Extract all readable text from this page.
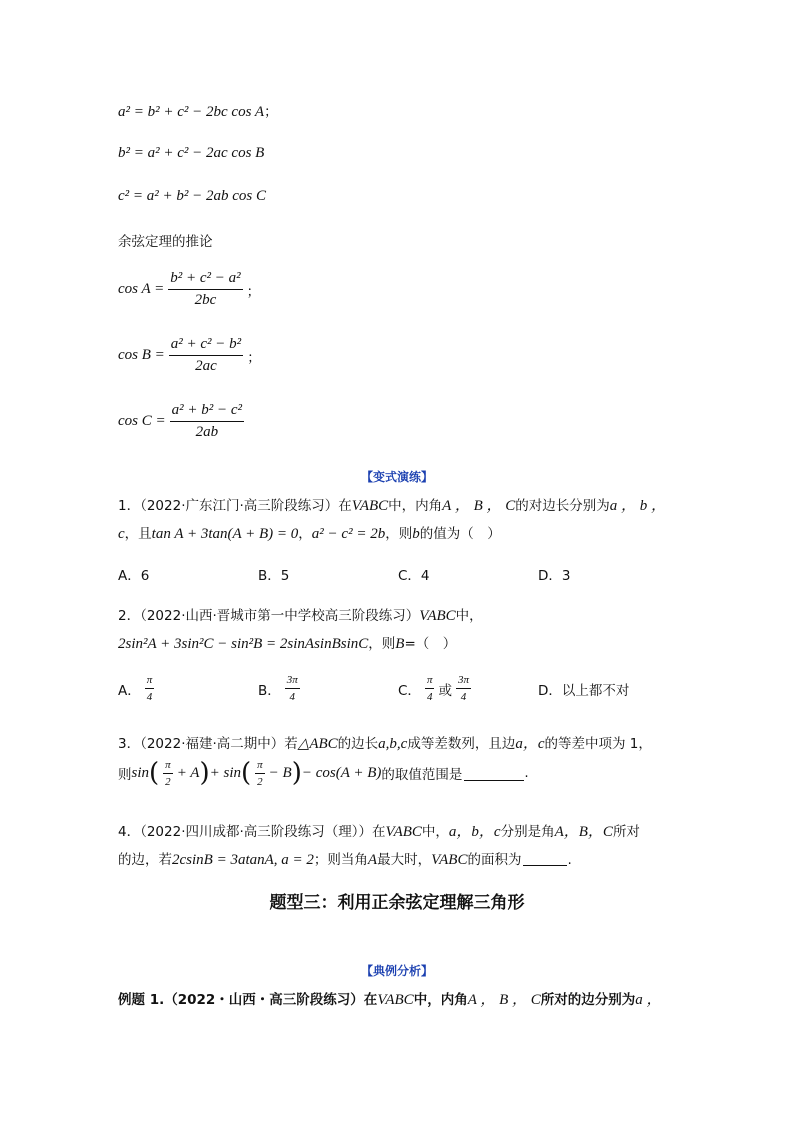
a² = b² + c² − 2bc cos A；
b² = a² + c² − 2ac cos B
c² = a² + b² − 2ab cos C
余弦定理的推论
$\cos A = \frac{\text{b² + c² − a²}}{2bc}$ ；
$\cos B = \frac{\text{a² + c² − b²}}{2ac}$ ；
$\cos C = \frac{\text{a² + b² − c²}}{2ab}$
【变式演练】
1．（2022·广东江门·高三阶段练习）在VABC中，内角A ， B ， C的对边长分别为a ， b ，
c，且tan A + 3tan(A + B) = 0，a² − c² = 2b，则b的值为（　）
A．6	B．5	C．4	D．3
2．（2022·山西·晋城市第一中学校高三阶段练习）VABC中，
2sin²A + 3sin²C − sin²B = 2sinAsinBsinC，则B=（　）
A． $\frac{\pi}{4}$	B． $\frac{3\pi}{4}$	C． $\frac{\pi}{4}$ 或 $\frac{3\pi}{4}$	D．以上都不对
3．（2022·福建·高二期中）若△ABC的边长a,b,c成等差数列，且边a，c的等差中项为 1，
则 sin ( $\frac{\pi}{2} + A$ ) + sin ( $\frac{\pi}{2} - B$ ) − cos(A + B) 的取值范围是	.
4．（2022·四川成都·高三阶段练习（理））在VABC中，a，b，c分别是角A，B，C所对
的边，若2csinB = 3atanA, a = 2；则当角A最大时，VABC的面积为	.
题型三：利用正余弦定理解三角形
【典例分析】
例题 1.（2022・山西・高三阶段练习）在VABC中，内角A ， B ， C所对的边分别为a ，
